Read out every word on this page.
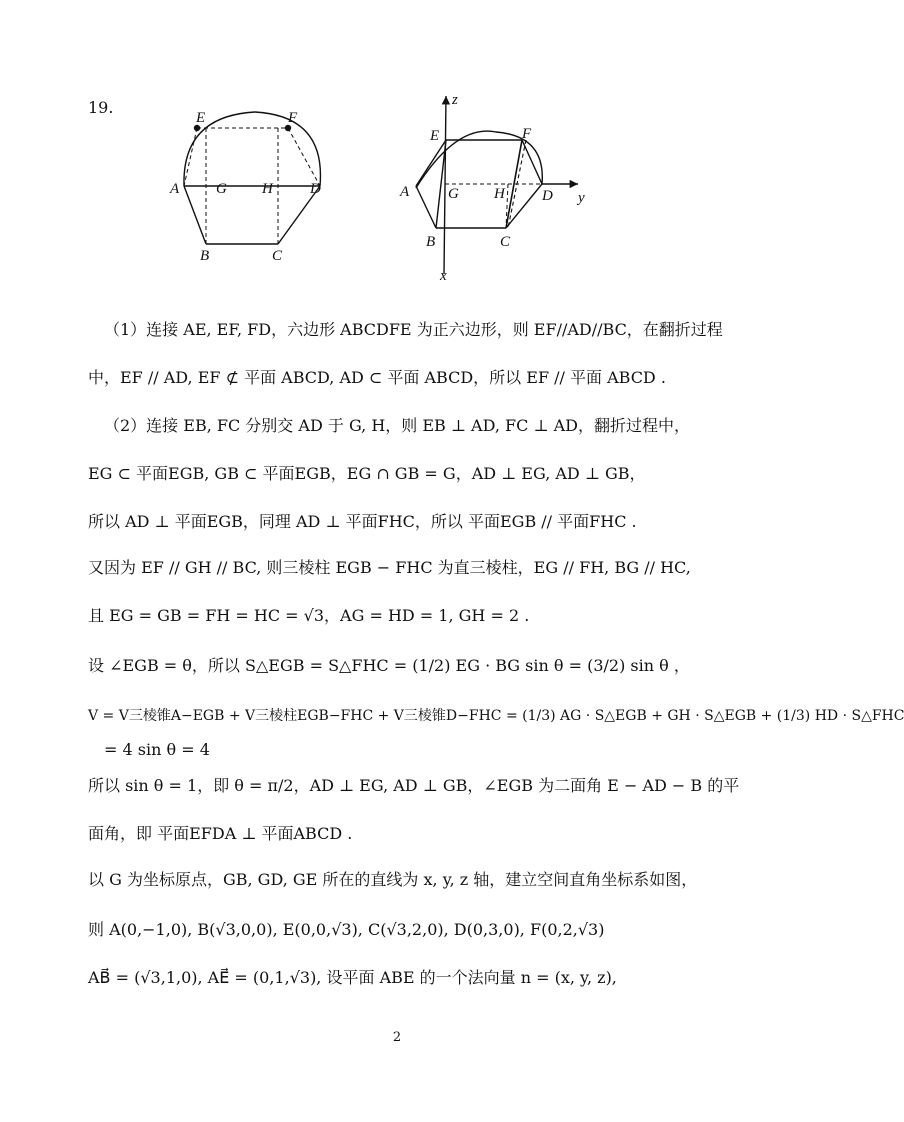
19.
E	F
A G H D
B	C
z
E	F
A	G H D y
B	C
x
（1）连接 AE, EF, FD，六边形 ABCDFE 为正六边形，则 EF//AD//BC，在翻折过程
中，EF // AD, EF ⊄ 平面 ABCD, AD ⊂ 平面 ABCD，所以 EF // 平面 ABCD .
（2）连接 EB, FC 分别交 AD 于 G, H，则 EB ⊥ AD, FC ⊥ AD，翻折过程中，
EG ⊂ 平面EGB, GB ⊂ 平面EGB，EG ∩ GB = G，AD ⊥ EG, AD ⊥ GB，
所以 AD ⊥ 平面EGB，同理 AD ⊥ 平面FHC，所以 平面EGB // 平面FHC .
又因为 EF // GH // BC, 则三棱柱 EGB − FHC 为直三棱柱，EG // FH, BG // HC,
且 EG = GB = FH = HC = √3，AG = HD = 1, GH = 2 .
设 ∠EGB = θ，所以 S△EGB = S△FHC = (1/2) EG · BG sin θ = (3/2) sin θ ，
V = V三棱锥A−EGB + V三棱柱EGB−FHC + V三棱锥D−FHC = (1/3) AG · S△EGB + GH · S△EGB + (1/3) HD · S△FHC
= 4 sin θ = 4
所以 sin θ = 1，即 θ = π/2，AD ⊥ EG, AD ⊥ GB，∠EGB 为二面角 E − AD − B 的平
面角，即 平面EFDA ⊥ 平面ABCD .
以 G 为坐标原点，GB, GD, GE 所在的直线为 x, y, z 轴，建立空间直角坐标系如图，
则 A(0,−1,0), B(√3,0,0), E(0,0,√3), C(√3,2,0), D(0,3,0), F(0,2,√3)
AB⃗ = (√3,1,0), AE⃗ = (0,1,√3), 设平面 ABE 的一个法向量 n = (x, y, z),
2
